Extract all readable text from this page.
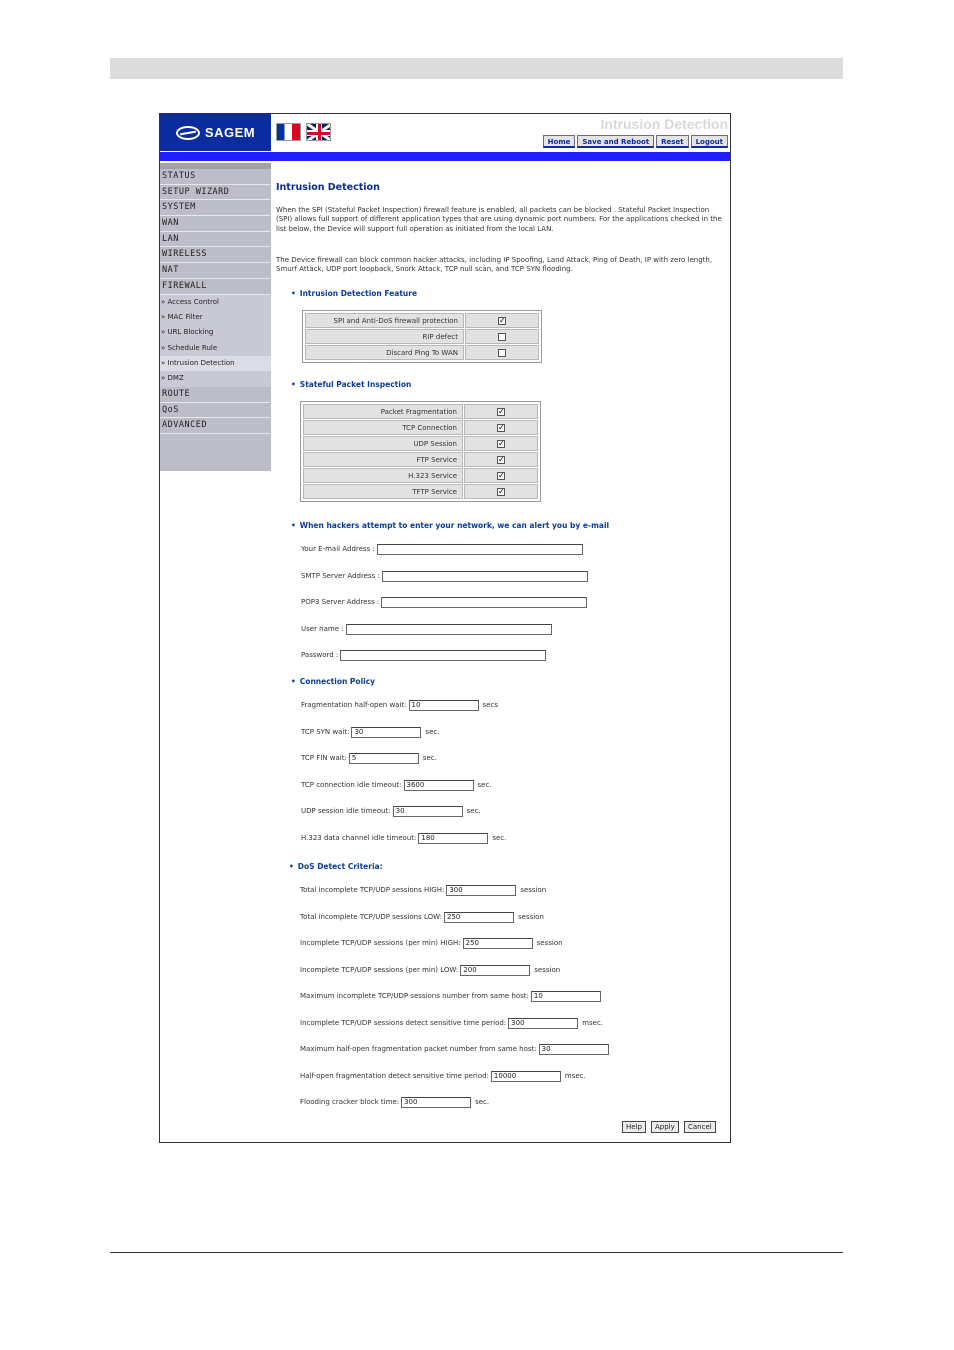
SAGEM
Intrusion Detection
Home	Save and Reboot	Reset	Logout
STATUS
SETUP WIZARD
SYSTEM
WAN
LAN
WIRELESS
NAT
FIREWALL
» Access Control
» MAC Filter
» URL Blocking
» Schedule Rule
» Intrusion Detection
» DMZ
ROUTE
QoS
ADVANCED
Intrusion Detection
When the SPI (Stateful Packet Inspection) firewall feature is enabled, all packets can be blocked . Stateful Packet Inspection (SPI) allows full support of different application types that are using dynamic port numbers. For the applications checked in the list below, the Device will support full operation as initiated from the local LAN.
The Device firewall can block common hacker attacks, including IP Spoofing, Land Attack, Ping of Death, IP with zero length, Smurf Attack, UDP port loopback, Snork Attack, TCP null scan, and TCP SYN flooding.
• Intrusion Detection Feature
SPI and Anti-DoS firewall protection	✓
RIP defect	
Discard Ping To WAN	
• Stateful Packet Inspection
Packet Fragmentation	✓
TCP Connection	✓
UDP Session	✓
FTP Service	✓
H.323 Service	✓
TFTP Service	✓
• When hackers attempt to enter your network, we can alert you by e-mail
• Connection Policy
• DoS Detect Criteria:
Help	Apply	Cancel
Your E-mail Address :
SMTP Server Address :
POP3 Server Address :
User name :
Password :
Fragmentation half-open wait: 10	secs
TCP SYN wait: 30	sec.
TCP FIN wait: 5	sec.
TCP connection idle timeout: 3600	sec.
UDP session idle timeout: 30	sec.
H.323 data channel idle timeout: 180	sec.
Total incomplete TCP/UDP sessions HIGH: 300	session
Total incomplete TCP/UDP sessions LOW: 250	session
Incomplete TCP/UDP sessions (per min) HIGH: 250	session
Incomplete TCP/UDP sessions (per min) LOW: 200	session
Maximum incomplete TCP/UDP sessions number from same host: 10
Incomplete TCP/UDP sessions detect sensitive time period: 300	msec.
Maximum half-open fragmentation packet number from same host: 30
Half-open fragmentation detect sensitive time period: 10000	msec.
Flooding cracker block time: 300	sec.
